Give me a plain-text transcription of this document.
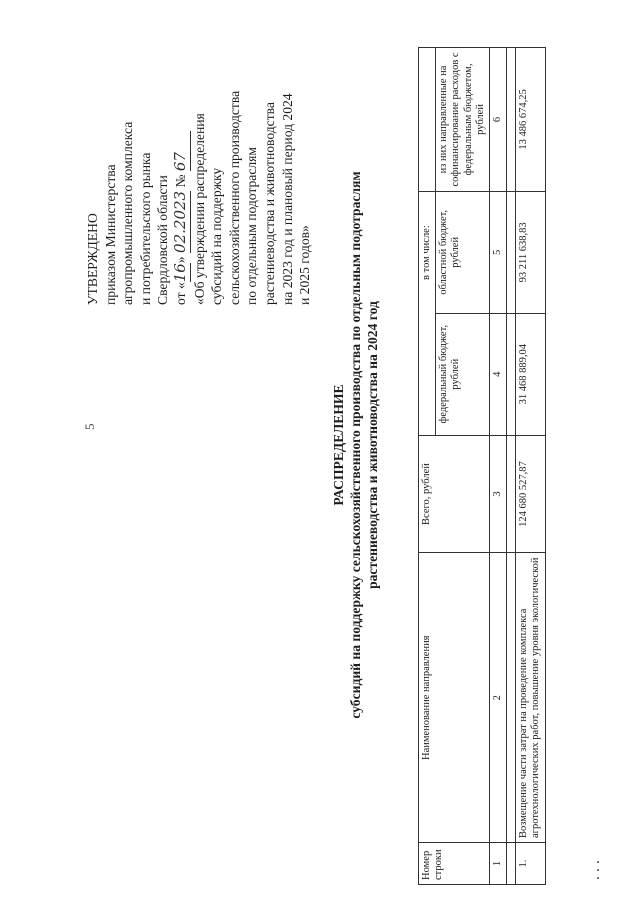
5
УТВЕРЖДЕНО приказом Министерства агропромышленного комплекса и потребительского рынка Свердловской области от «16» 02.2023 № 67 «Об утверждении распределения субсидий на поддержку сельскохозяйственного производства по отдельным подотраслям растениеводства и животноводства на 2023 год и плановый период 2024 и 2025 годов»
РАСПРЕДЕЛЕНИЕ субсидий на поддержку сельскохозяйственного производства по отдельным подотраслям растениеводства и животноводства на 2024 год
Номер строки	Наименование направления	Всего, рублей		в том числе:	
			федеральный бюджет, рублей	областной бюджет, рублей	из них направленные на софинансирование расходов с федеральным бюджетом, рублей
1	2	3	4	5	6

1.	Возмещение части затрат на проведение комплекса агротехнологических работ, повышение уровня экологической	124 680 527,87	31 468 889,04	93 211 638,83	13 486 674,25
